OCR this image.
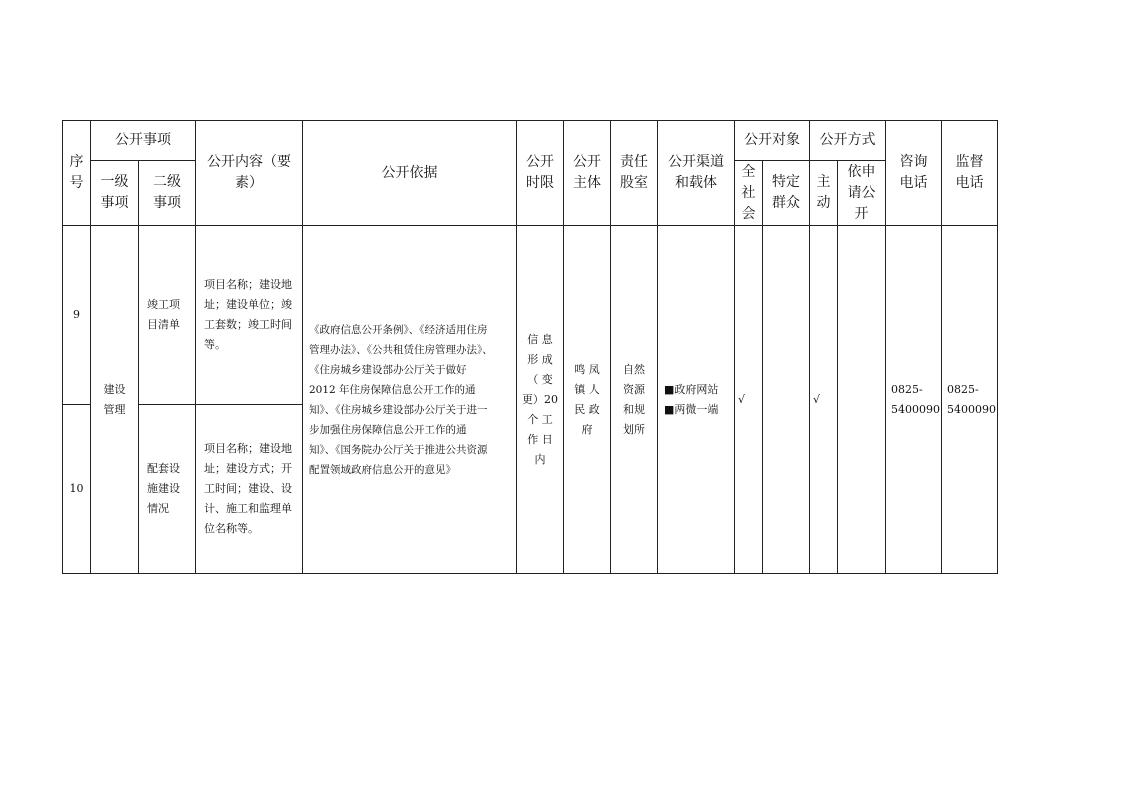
序
号
公开事项
公开内容（要
素）
公开依据
公开
时限
公开
主体
责任
股室
公开渠道
和载体
公开对象	公开方式
咨询
电话
监督
电话
一级
事项
二级
事项
全
社
会
特定
群众
主
动
依申
请公
开
9
竣工项
目清单
项目名称；建设地
址；建设单位；竣
工套数；竣工时间
等。
10
配套设
施建设
情况
项目名称；建设地
址；建设方式；开
工时间；建设、设
计、施工和监理单
位名称等。
建设
管理
《政府信息公开条例》、《经济适用住房
管理办法》、《公共租赁住房管理办法》、
《住房城乡建设部办公厅关于做好
2012 年住房保障信息公开工作的通
知》、《住房城乡建设部办公厅关于进一
步加强住房保障信息公开工作的通
知》、《国务院办公厅关于推进公共资源
配置领域政府信息公开的意见》
信 息
形 成
（ 变
更）20
个 工
作 日
内
鸣 凤
镇 人
民 政
府
自然
资源
和规
划所
■政府网站
■两微一端
√	√
0825-
5400090
0825-
5400090
